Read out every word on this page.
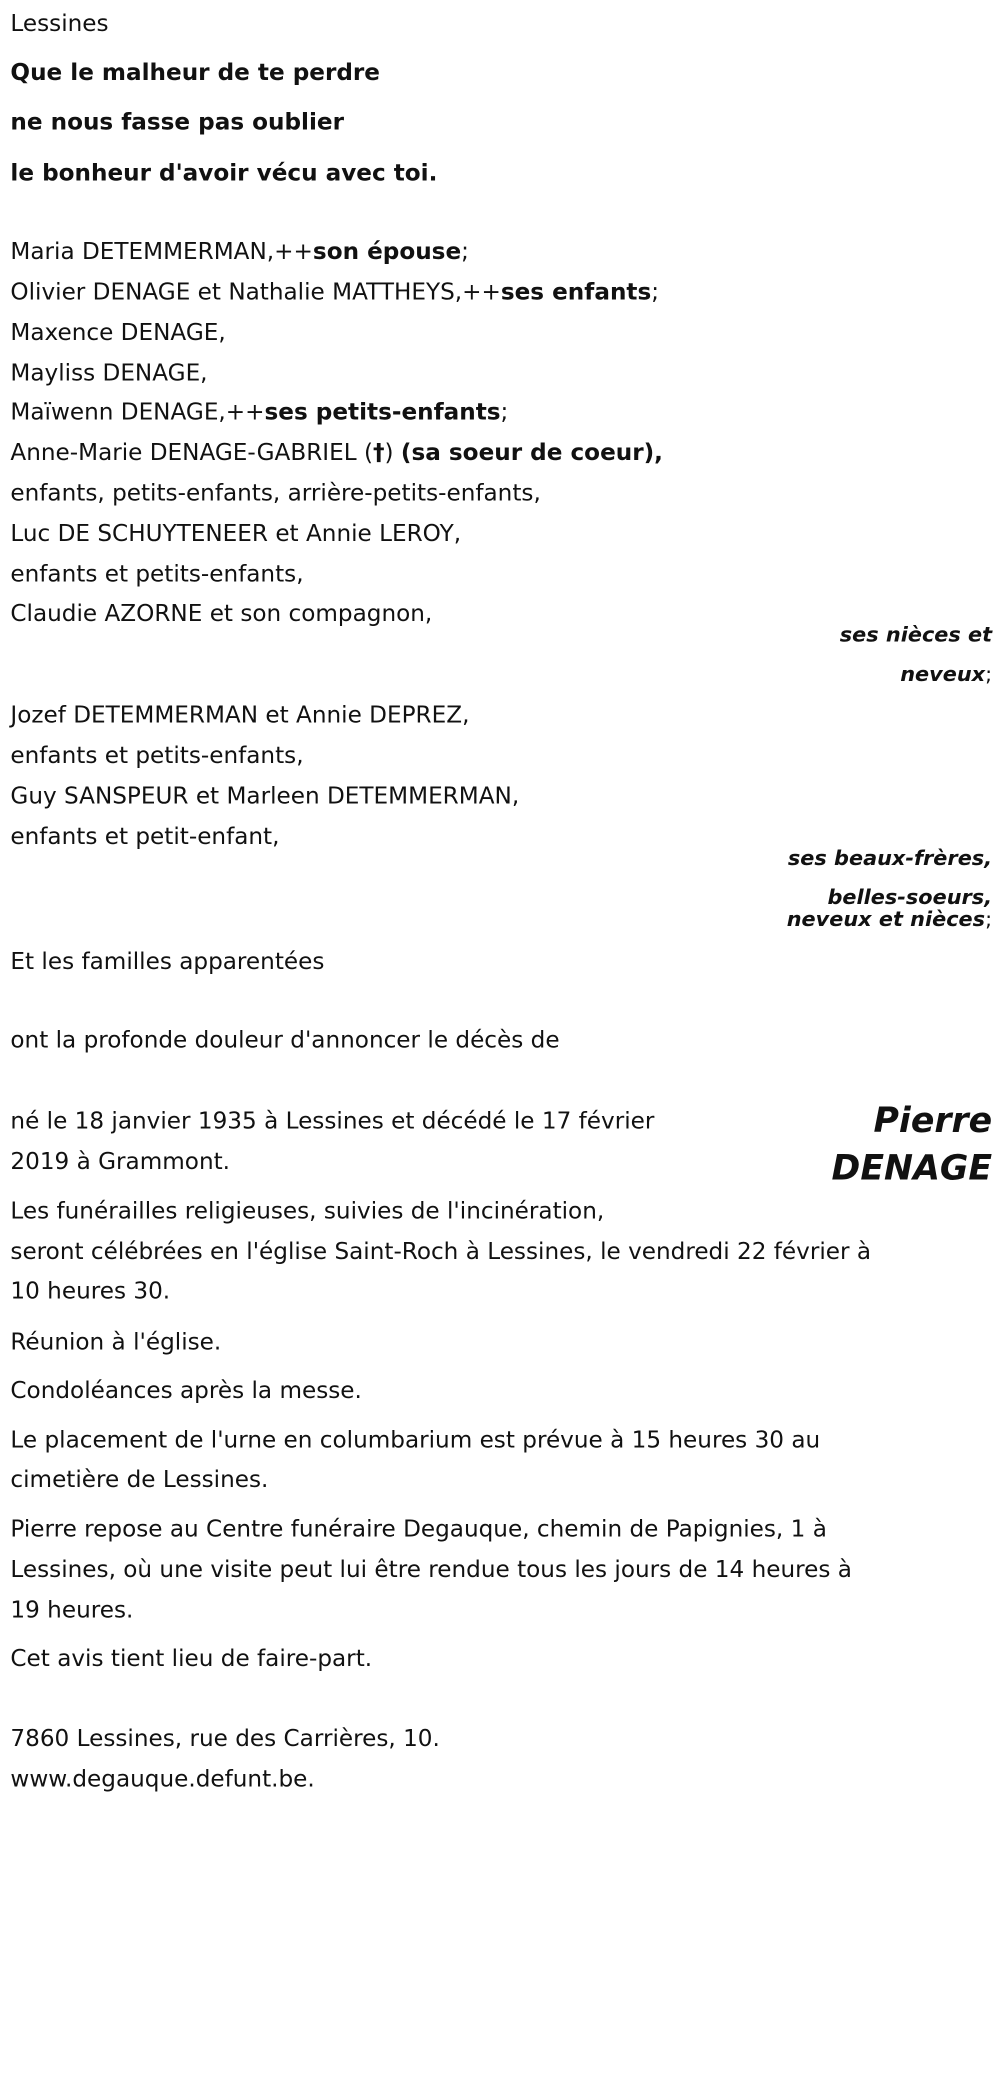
Lessines
Que le malheur de te perdre
ne nous fasse pas oublier
le bonheur d'avoir vécu avec toi.
Maria DETEMMERMAN,++son épouse;
Olivier DENAGE et Nathalie MATTHEYS,++ses enfants;
Maxence DENAGE,
Mayliss DENAGE,
Maïwenn DENAGE,++ses petits-enfants;
Anne-Marie DENAGE-GABRIEL (†) (sa soeur de coeur),
enfants, petits-enfants, arrière-petits-enfants,
Luc DE SCHUYTENEER et Annie LEROY,
enfants et petits-enfants,
Claudie AZORNE et son compagnon,
ses nièces et
neveux;
Jozef DETEMMERMAN et Annie DEPREZ,
enfants et petits-enfants,
Guy SANSPEUR et Marleen DETEMMERMAN,
enfants et petit-enfant,
ses beaux-frères,
belles-soeurs,
neveux et nièces;
Et les familles apparentées
ont la profonde douleur d'annoncer le décès de
Pierre
DENAGE
né le 18 janvier 1935 à Lessines et décédé le 17 février
2019 à Grammont.
Les funérailles religieuses, suivies de l'incinération,
seront célébrées en l'église Saint-Roch à Lessines, le vendredi 22 février à
10 heures 30.
Réunion à l'église.
Condoléances après la messe.
Le placement de l'urne en columbarium est prévue à 15 heures 30 au
cimetière de Lessines.
Pierre repose au Centre funéraire Degauque, chemin de Papignies, 1 à
Lessines, où une visite peut lui être rendue tous les jours de 14 heures à
19 heures.
Cet avis tient lieu de faire-part.
7860 Lessines, rue des Carrières, 10.
www.degauque.defunt.be.
